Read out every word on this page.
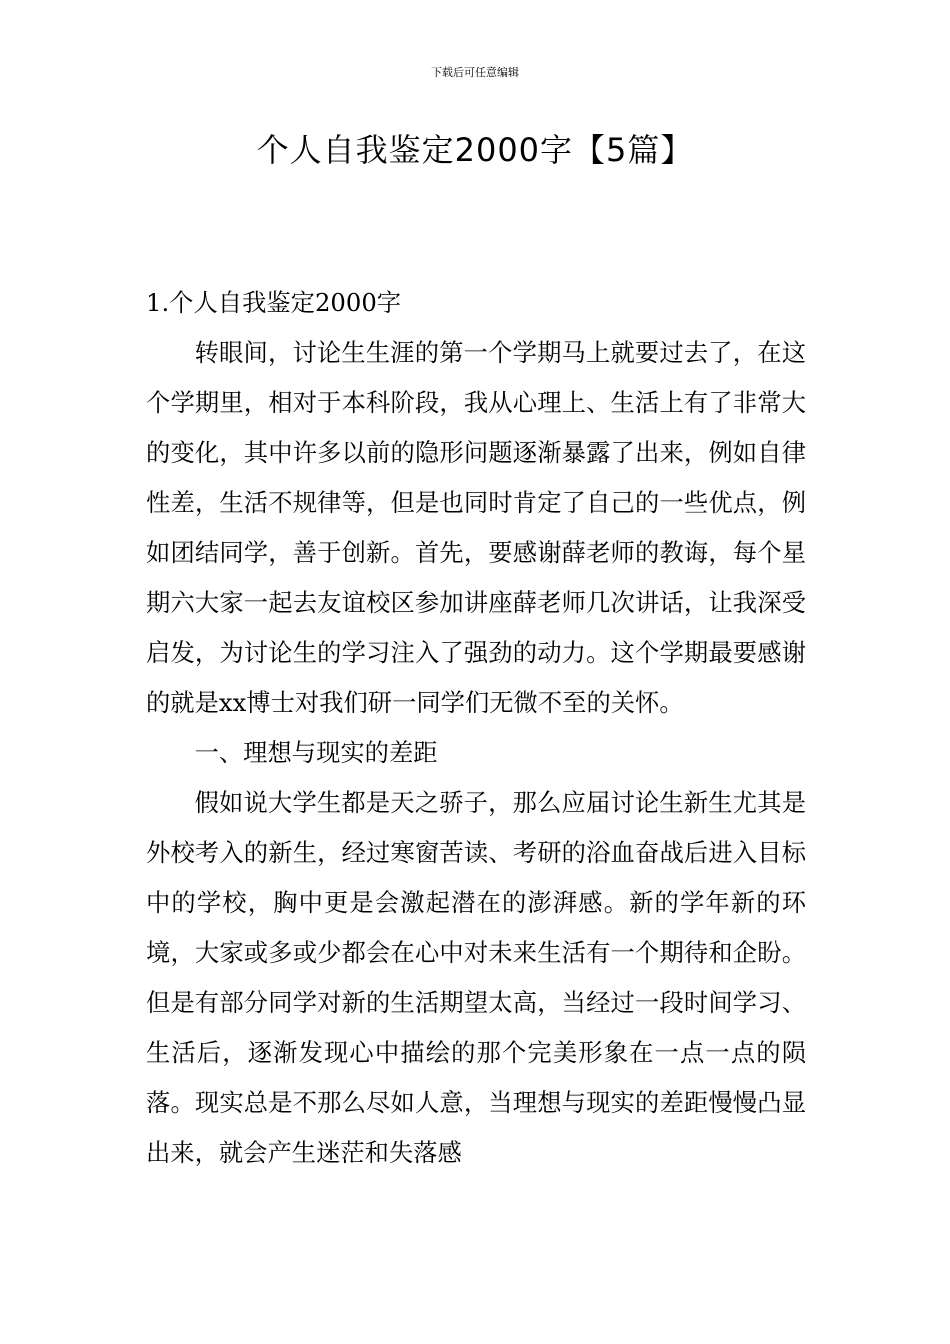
下载后可任意编辑
个人自我鉴定2000字【5篇】

1.个人自我鉴定2000字

转眼间，讨论生生涯的第一个学期马上就要过去了，在这个学期里，相对于本科阶段，我从心理上、生活上有了非常大的变化，其中许多以前的隐形问题逐渐暴露了出来，例如自律性差，生活不规律等，但是也同时肯定了自己的一些优点，例如团结同学，善于创新。首先，要感谢薛老师的教诲，每个星期六大家一起去友谊校区参加讲座薛老师几次讲话，让我深受启发，为讨论生的学习注入了强劲的动力。这个学期最要感谢的就是xx博士对我们研一同学们无微不至的关怀。

一、理想与现实的差距

假如说大学生都是天之骄子，那么应届讨论生新生尤其是外校考入的新生，经过寒窗苦读、考研的浴血奋战后进入目标中的学校，胸中更是会激起潜在的澎湃感。新的学年新的环境，大家或多或少都会在心中对未来生活有一个期待和企盼。但是有部分同学对新的生活期望太高，当经过一段时间学习、生活后，逐渐发现心中描绘的那个完美形象在一点一点的陨落。现实总是不那么尽如人意，当理想与现实的差距慢慢凸显出来，就会产生迷茫和失落感
